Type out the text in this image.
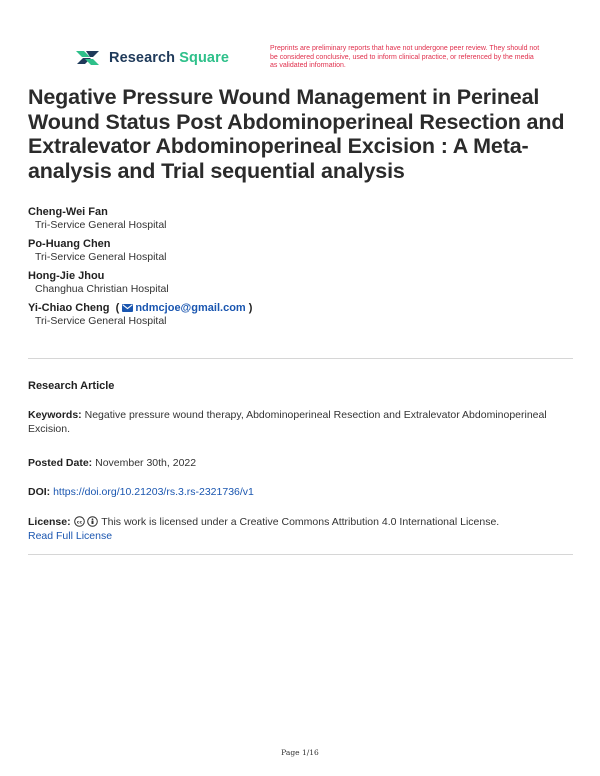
Research Square
Preprints are preliminary reports that have not undergone peer review. They should not be considered conclusive, used to inform clinical practice, or referenced by the media as validated information.
Negative Pressure Wound Management in Perineal Wound Status Post Abdominoperineal Resection and Extralevator Abdominoperineal Excision : A Meta-analysis and Trial sequential analysis
Cheng-Wei Fan
Tri-Service General Hospital
Po-Huang Chen
Tri-Service General Hospital
Hong-Jie Jhou
Changhua Christian Hospital
Yi-Chiao Cheng  ( ndmcjoe@gmail.com )
Tri-Service General Hospital
Research Article
Keywords: Negative pressure wound therapy, Abdominoperineal Resection and Extralevator Abdominoperineal Excision.
Posted Date: November 30th, 2022
DOI: https://doi.org/10.21203/rs.3.rs-2321736/v1
License: cc This work is licensed under a Creative Commons Attribution 4.0 International License.
Read Full License
Page 1/16
